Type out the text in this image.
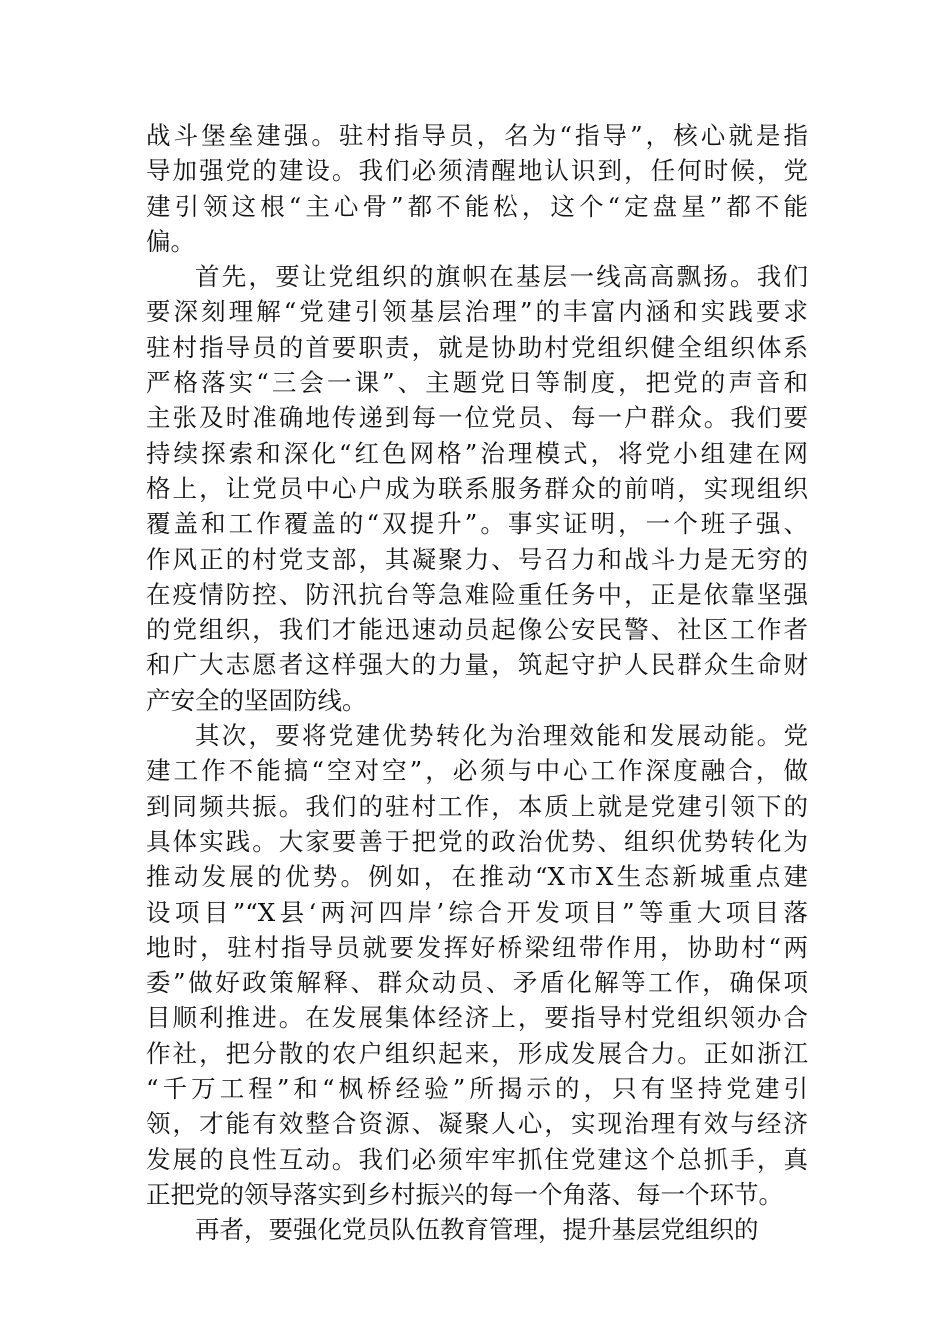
战斗堡垒建强。驻村指导员，名为“指导”，核心就是指
导加强党的建设。我们必须清醒地认识到，任何时候，党
建引领这根“主心骨”都不能松，这个“定盘星”都不能
偏。

首先，要让党组织的旗帜在基层一线高高飘扬。我们
要深刻理解“党建引领基层治理”的丰富内涵和实践要求
驻村指导员的首要职责，就是协助村党组织健全组织体系
严格落实“三会一课”、主题党日等制度，把党的声音和
主张及时准确地传递到每一位党员、每一户群众。我们要
持续探索和深化“红色网格”治理模式，将党小组建在网
格上，让党员中心户成为联系服务群众的前哨，实现组织
覆盖和工作覆盖的“双提升”。事实证明，一个班子强、
作风正的村党支部，其凝聚力、号召力和战斗力是无穷的
在疫情防控、防汛抗台等急难险重任务中，正是依靠坚强
的党组织，我们才能迅速动员起像公安民警、社区工作者
和广大志愿者这样强大的力量，筑起守护人民群众生命财
产安全的坚固防线。

其次，要将党建优势转化为治理效能和发展动能。党
建工作不能搞“空对空”，必须与中心工作深度融合，做
到同频共振。我们的驻村工作，本质上就是党建引领下的
具体实践。大家要善于把党的政治优势、组织优势转化为
推动发展的优势。例如，在推动“X市X生态新城重点建
设项目”“X县‘两河四岸’综合开发项目”等重大项目落
地时，驻村指导员就要发挥好桥梁纽带作用，协助村“两
委”做好政策解释、群众动员、矛盾化解等工作，确保项
目顺利推进。在发展集体经济上，要指导村党组织领办合
作社，把分散的农户组织起来，形成发展合力。正如浙江
“千万工程”和“枫桥经验”所揭示的，只有坚持党建引
领，才能有效整合资源、凝聚人心，实现治理有效与经济
发展的良性互动。我们必须牢牢抓住党建这个总抓手，真
正把党的领导落实到乡村振兴的每一个角落、每一个环节。

再者，要强化党员队伍教育管理，提升基层党组织的
